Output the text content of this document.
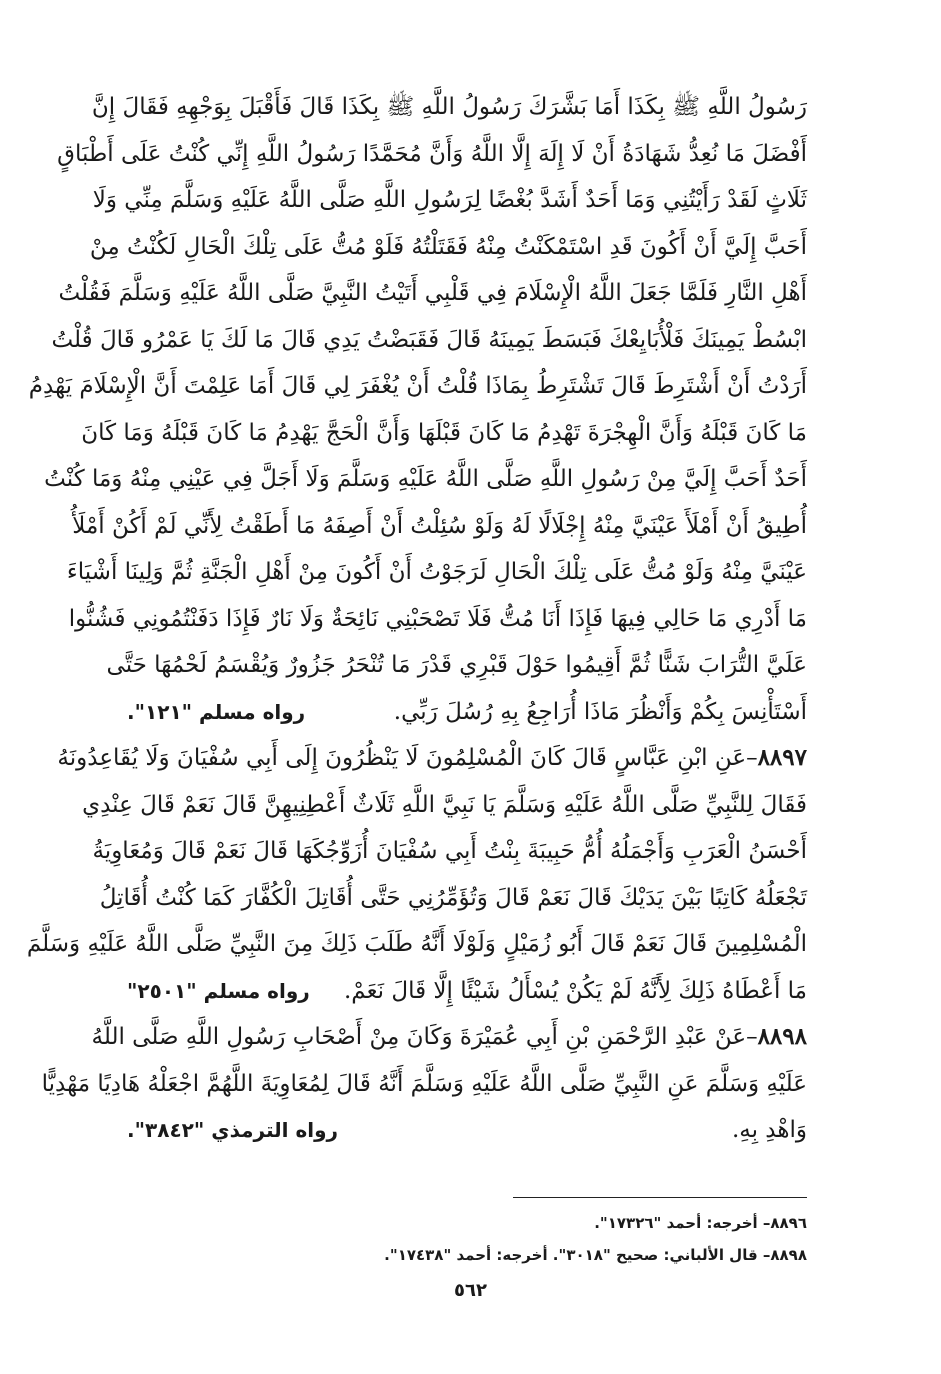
رَسُولُ اللَّهِ ﷺ بِكَذَا أَمَا بَشَّرَكَ رَسُولُ اللَّهِ ﷺ بِكَذَا قَالَ فَأَقْبَلَ بِوَجْهِهِ فَقَالَ إِنَّ
أَفْضَلَ مَا نُعِدُّ شَهَادَةُ أَنْ لَا إِلَهَ إِلَّا اللَّهُ وَأَنَّ مُحَمَّدًا رَسُولُ اللَّهِ إِنِّي كُنْتُ عَلَى أَطْبَاقٍ
ثَلَاثٍ لَقَدْ رَأَيْتُنِي وَمَا أَحَدٌ أَشَدَّ بُغْضًا لِرَسُولِ اللَّهِ صَلَّى اللَّهُ عَلَيْهِ وَسَلَّمَ مِنِّي وَلَا
أَحَبَّ إِلَيَّ أَنْ أَكُونَ قَدِ اسْتَمْكَنْتُ مِنْهُ فَقَتَلْتُهُ فَلَوْ مُتُّ عَلَى تِلْكَ الْحَالِ لَكُنْتُ مِنْ
أَهْلِ النَّارِ فَلَمَّا جَعَلَ اللَّهُ الْإِسْلَامَ فِي قَلْبِي أَتَيْتُ النَّبِيَّ صَلَّى اللَّهُ عَلَيْهِ وَسَلَّمَ فَقُلْتُ
ابْسُطْ يَمِينَكَ فَلْأُبَايِعْكَ فَبَسَطَ يَمِينَهُ قَالَ فَقَبَضْتُ يَدِي قَالَ مَا لَكَ يَا عَمْرُو قَالَ قُلْتُ
أَرَدْتُ أَنْ أَشْتَرِطَ قَالَ تَشْتَرِطُ بِمَاذَا قُلْتُ أَنْ يُغْفَرَ لِي قَالَ أَمَا عَلِمْتَ أَنَّ الْإِسْلَامَ يَهْدِمُ
مَا كَانَ قَبْلَهُ وَأَنَّ الْهِجْرَةَ تَهْدِمُ مَا كَانَ قَبْلَهَا وَأَنَّ الْحَجَّ يَهْدِمُ مَا كَانَ قَبْلَهُ وَمَا كَانَ
أَحَدٌ أَحَبَّ إِلَيَّ مِنْ رَسُولِ اللَّهِ صَلَّى اللَّهُ عَلَيْهِ وَسَلَّمَ وَلَا أَجَلَّ فِي عَيْنِي مِنْهُ وَمَا كُنْتُ
أُطِيقُ أَنْ أَمْلَأَ عَيْنَيَّ مِنْهُ إِجْلَالًا لَهُ وَلَوْ سُئِلْتُ أَنْ أَصِفَهُ مَا أَطَقْتُ لِأَنِّي لَمْ أَكُنْ أَمْلَأُ
عَيْنَيَّ مِنْهُ وَلَوْ مُتُّ عَلَى تِلْكَ الْحَالِ لَرَجَوْتُ أَنْ أَكُونَ مِنْ أَهْلِ الْجَنَّةِ ثُمَّ وَلِينَا أَشْيَاءَ
مَا أَدْرِي مَا حَالِي فِيهَا فَإِذَا أَنَا مُتُّ فَلَا تَصْحَبْنِي نَائِحَةٌ وَلَا نَارٌ فَإِذَا دَفَنْتُمُونِي فَشُنُّوا
عَلَيَّ التُّرَابَ شَنًّا ثُمَّ أَقِيمُوا حَوْلَ قَبْرِي قَدْرَ مَا تُنْحَرُ جَزُورٌ وَيُقْسَمُ لَحْمُهَا حَتَّى
أَسْتَأْنِسَ بِكُمْ وَأَنْظُرَ مَاذَا أُرَاجِعُ بِهِ رُسُلَ رَبِّي.
رواه مسلم "١٢١".
٨٨٩٧–عَنِ ابْنِ عَبَّاسٍ قَالَ كَانَ الْمُسْلِمُونَ لَا يَنْظُرُونَ إِلَى أَبِي سُفْيَانَ وَلَا يُقَاعِدُونَهُ
فَقَالَ لِلنَّبِيِّ صَلَّى اللَّهُ عَلَيْهِ وَسَلَّمَ يَا نَبِيَّ اللَّهِ ثَلَاثٌ أَعْطِنِيهِنَّ قَالَ نَعَمْ قَالَ عِنْدِي
أَحْسَنُ الْعَرَبِ وَأَجْمَلُهُ أُمُّ حَبِيبَةَ بِنْتُ أَبِي سُفْيَانَ أُزَوِّجُكَهَا قَالَ نَعَمْ قَالَ وَمُعَاوِيَةُ
تَجْعَلُهُ كَاتِبًا بَيْنَ يَدَيْكَ قَالَ نَعَمْ قَالَ وَتُؤَمِّرُنِي حَتَّى أُقَاتِلَ الْكُفَّارَ كَمَا كُنْتُ أُقَاتِلُ
الْمُسْلِمِينَ قَالَ نَعَمْ قَالَ أَبُو زُمَيْلٍ وَلَوْلَا أَنَّهُ طَلَبَ ذَلِكَ مِنَ النَّبِيِّ صَلَّى اللَّهُ عَلَيْهِ وَسَلَّمَ
مَا أَعْطَاهُ ذَلِكَ لِأَنَّهُ لَمْ يَكُنْ يُسْأَلُ شَيْئًا إِلَّا قَالَ نَعَمْ.
رواه مسلم "٢٥٠١"
٨٨٩٨–عَنْ عَبْدِ الرَّحْمَنِ بْنِ أَبِي عُمَيْرَةَ وَكَانَ مِنْ أَصْحَابِ رَسُولِ اللَّهِ صَلَّى اللَّهُ
عَلَيْهِ وَسَلَّمَ عَنِ النَّبِيِّ صَلَّى اللَّهُ عَلَيْهِ وَسَلَّمَ أَنَّهُ قَالَ لِمُعَاوِيَةَ اللَّهُمَّ اجْعَلْهُ هَادِيًا مَهْدِيًّا
وَاهْدِ بِهِ.
رواه الترمذي "٣٨٤٢".
٨٨٩٦– أخرجه: أحمد "١٧٣٢٦".
٨٨٩٨– قال الألباني: صحيح "٣٠١٨". أخرجه: أحمد "١٧٤٣٨".
٥٦٢
